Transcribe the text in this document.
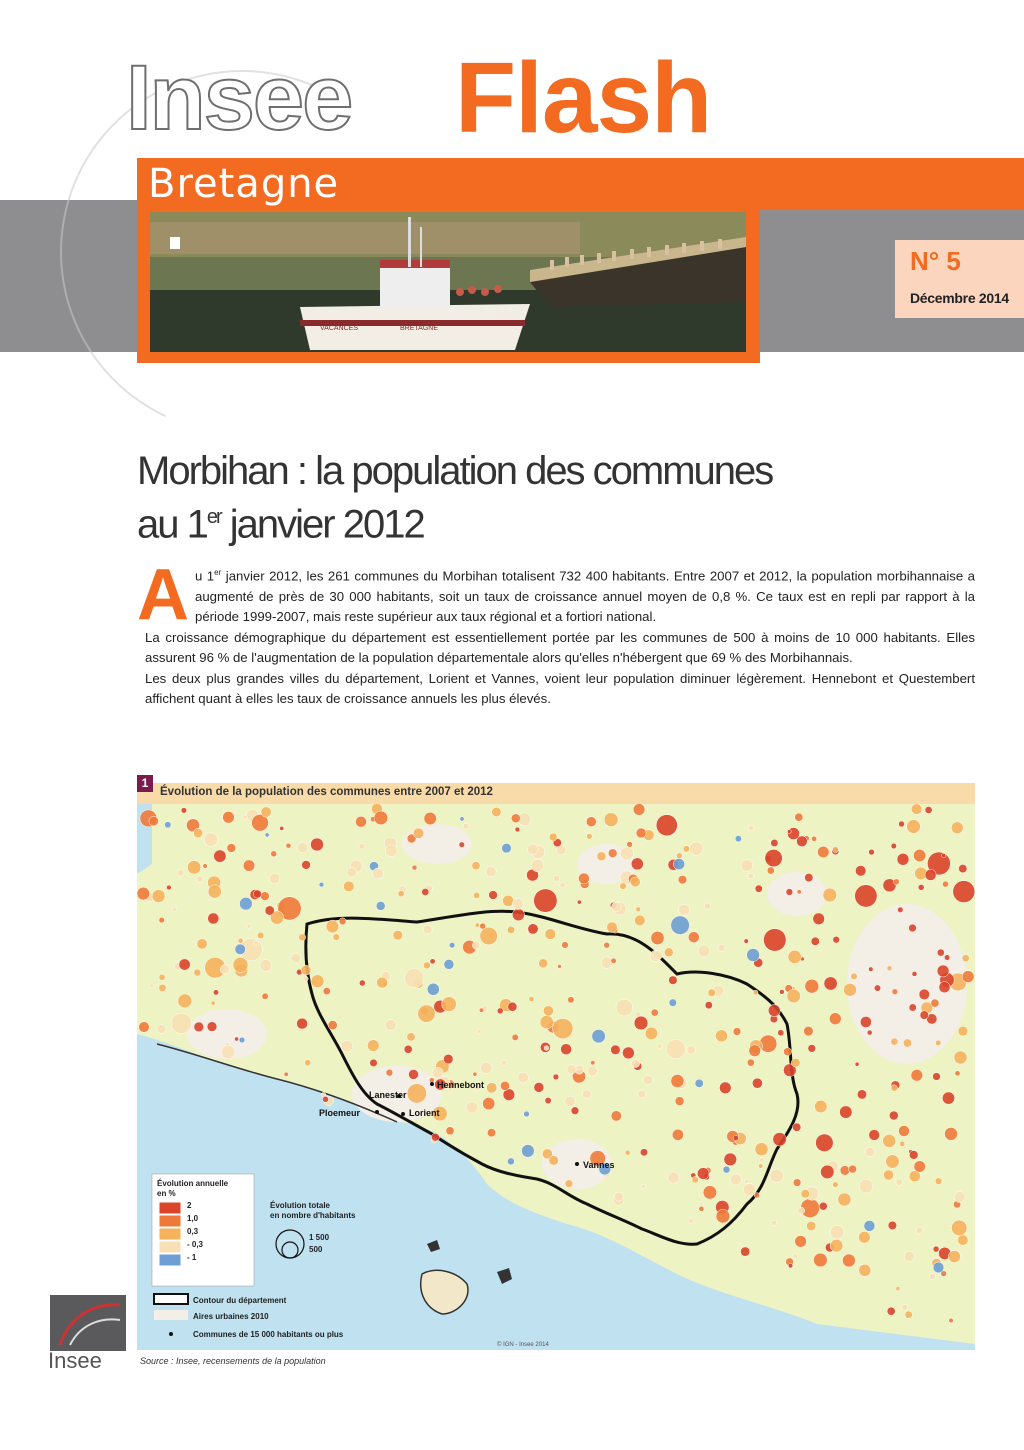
Insee Flash
Bretagne
VACANCES	BRETAGNE
N° 5
Décembre 2014
Morbihan : la population des communes
au 1er janvier 2012
A u 1er janvier 2012, les 261 communes du Morbihan totalisent 732 400 habitants. Entre 2007 et 2012, la population morbihannaise a augmenté de près de 30 000 habitants, soit un taux de croissance annuel moyen de 0,8 %. Ce taux est en repli par rapport à la période 1999-2007, mais reste supérieur aux taux régional et a fortiori national.

La croissance démographique du département est essentiellement portée par les communes de 500 à moins de 10 000 habitants. Elles assurent 96 % de l'augmentation de la population départementale alors qu'elles n'hébergent que 69 % des Morbihannais.

Les deux plus grandes villes du département, Lorient et Vannes, voient leur population diminuer légèrement. Hennebont et Questembert affichent quant à elles les taux de croissance annuels les plus élevés.

1
Évolution de la population des communes entre 2007 et 2012
Hennebont
Lanester
Ploemeur	Lorient
Vannes
Évolution annuelle
en %
2
1,0
0,3
- 0,3
- 1
Évolution totale
en nombre d'habitants
1 500
500
Contour du département
Aires urbaines 2010
Communes de 15 000 habitants ou plus
© IGN - Insee 2014
Insee	Source : Insee, recensements de la population
